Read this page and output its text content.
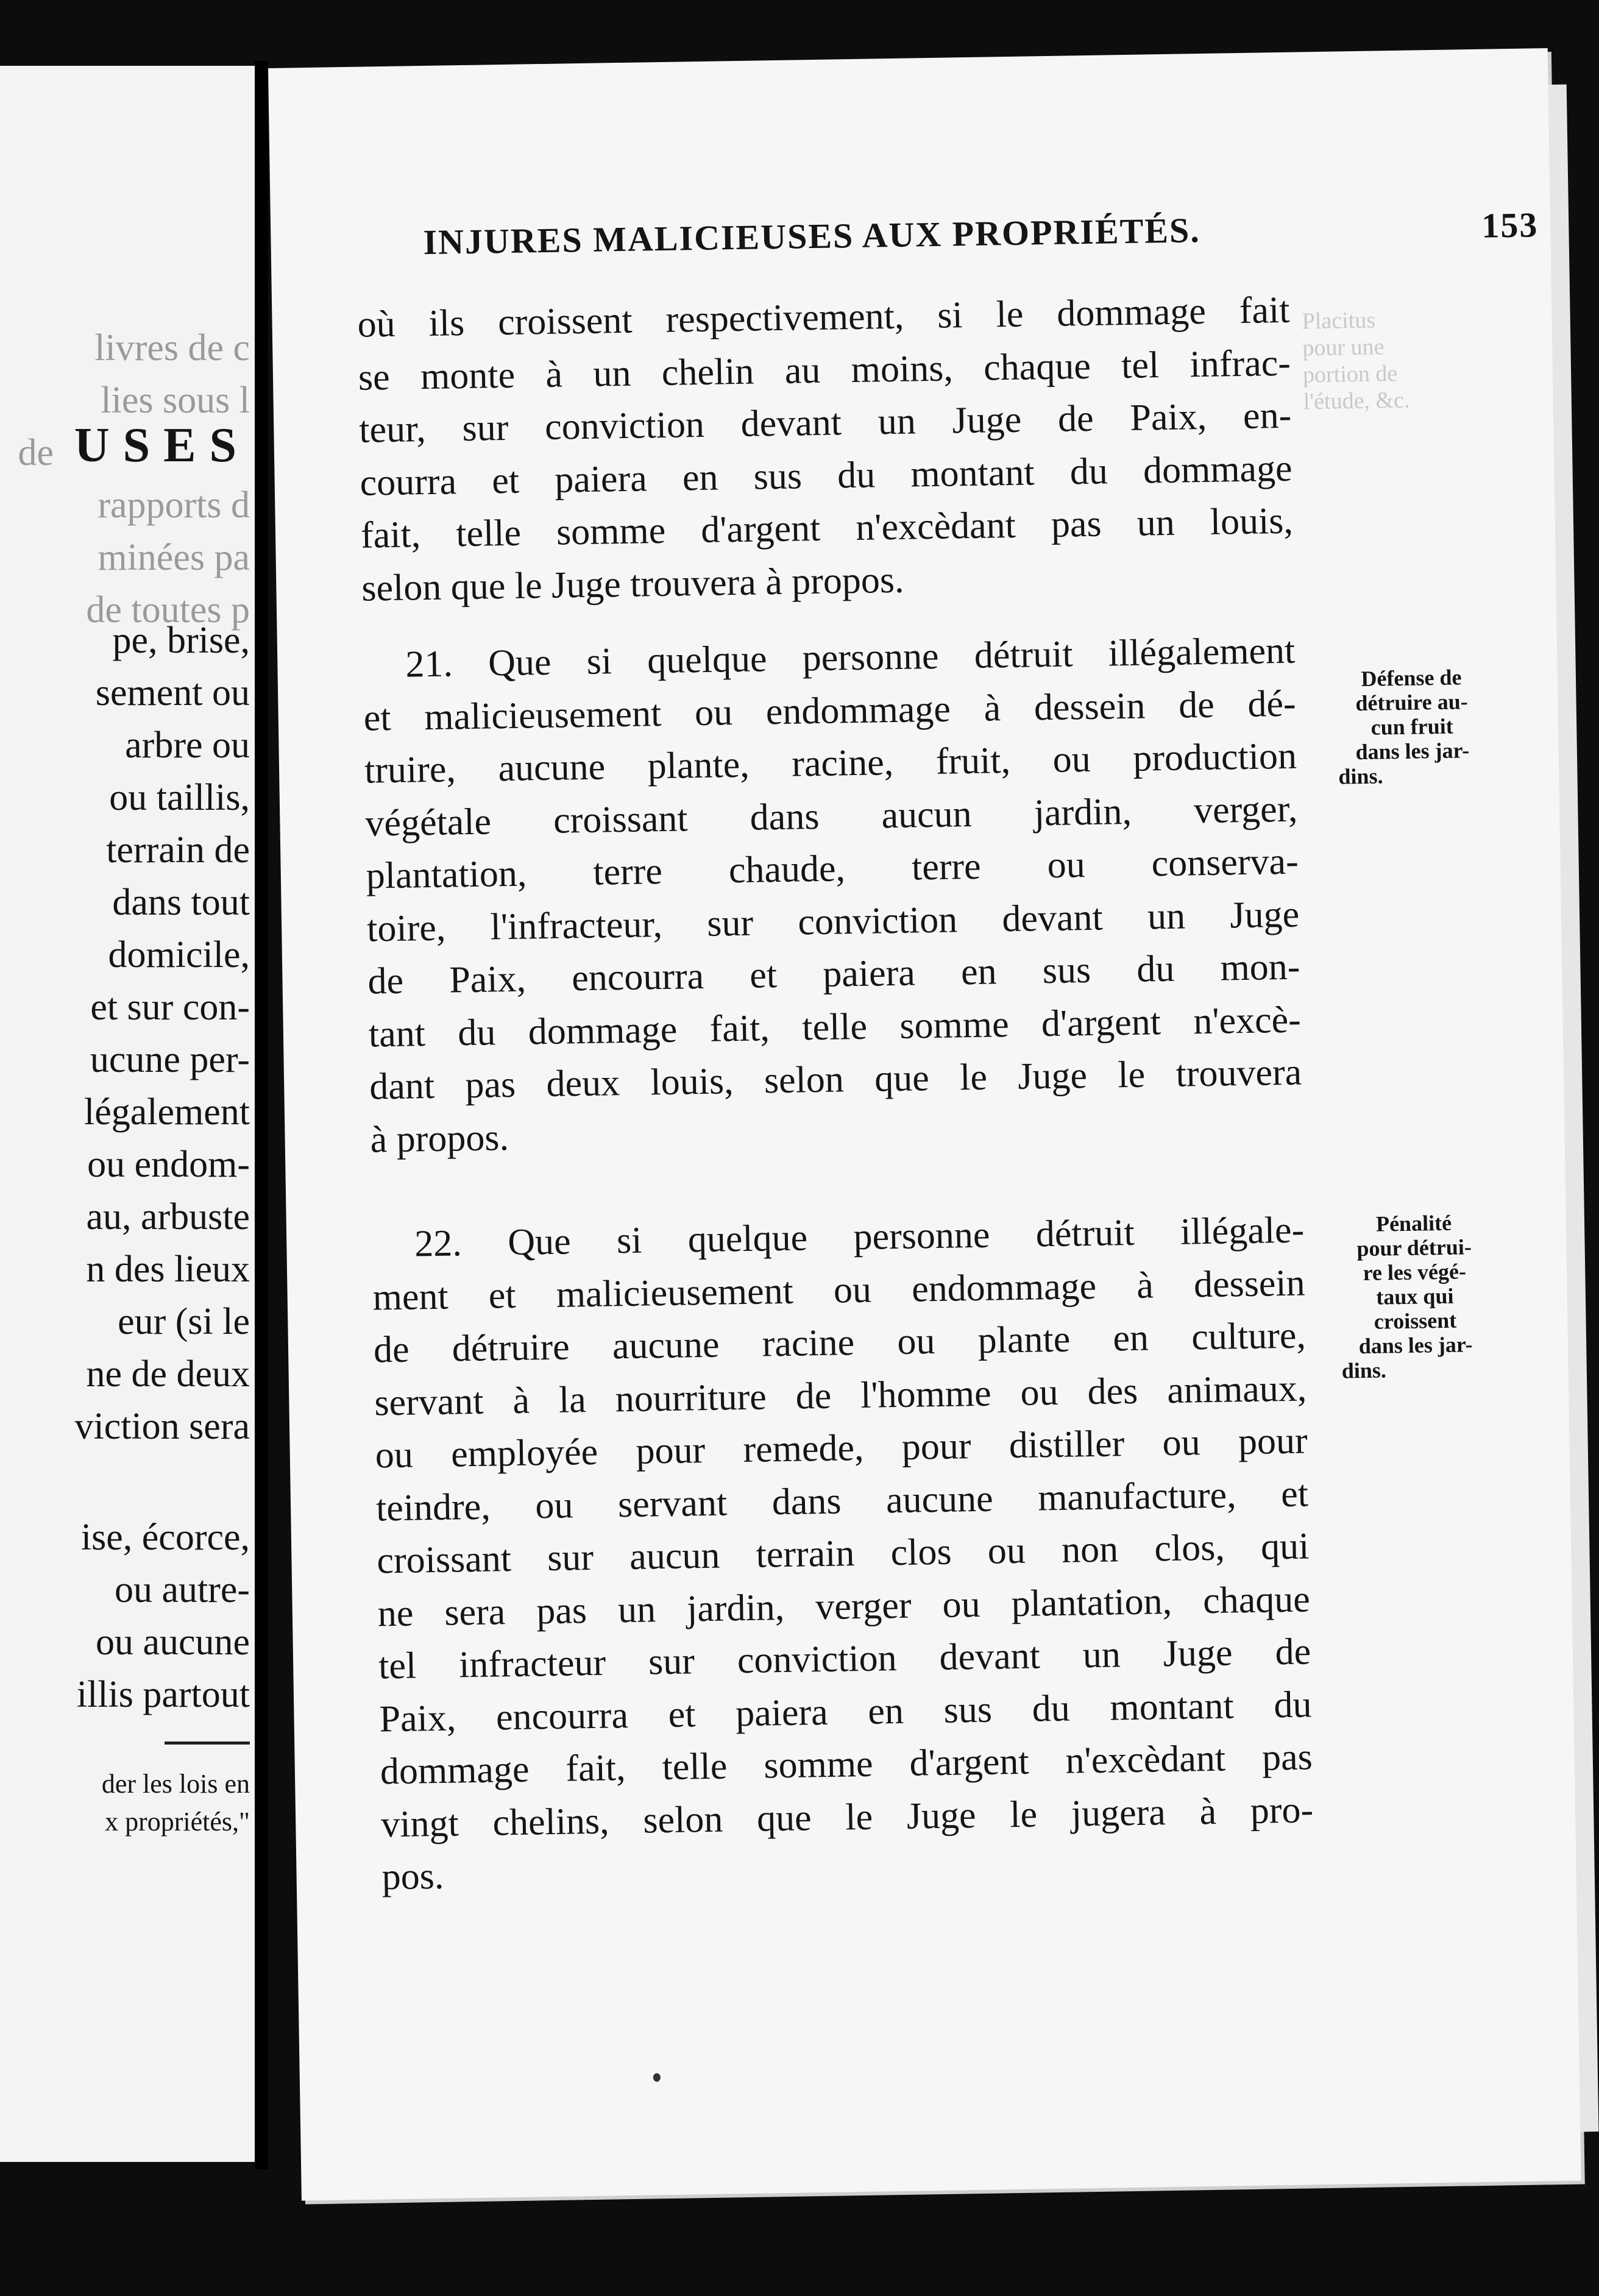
livres de c
lies sous l
USES
de
rapports d
minées pa
de toutes p
pe, brise,
sement ou
arbre ou
ou taillis,
terrain de
dans tout
domicile,
et sur con-
ucune per-
légalement
ou endom-
au, arbuste
n des lieux
eur (si le
ne de deux
viction sera
ise, écorce,
ou autre-
ou aucune
illis partout
der les lois en
x propriétés,"
Placitus
pour une
portion de
l'étude, &c.
INJURES MALICIEUSES AUX PROPRIÉTÉS.	153
où ils croissent respectivement, si le dommage fait
se monte à un chelin au moins, chaque tel infrac-
teur, sur conviction devant un Juge de Paix, en-
courra et paiera en sus du montant du dommage
fait, telle somme d'argent n'excèdant pas un louis,
selon que le Juge trouvera à propos.
21. Que si quelque personne détruit illégalement
et malicieusement ou endommage à dessein de dé-
truire, aucune plante, racine, fruit, ou production
végétale croissant dans aucun jardin, verger,
plantation, terre chaude, terre ou conserva-
toire, l'infracteur, sur conviction devant un Juge
de Paix, encourra et paiera en sus du mon-
tant du dommage fait, telle somme d'argent n'excè-
dant pas deux louis, selon que le Juge le trouvera
à propos.
22. Que si quelque personne détruit illégale-
ment et malicieusement ou endommage à dessein
de détruire aucune racine ou plante en culture,
servant à la nourriture de l'homme ou des animaux,
ou employée pour remede, pour distiller ou pour
teindre, ou servant dans aucune manufacture, et
croissant sur aucun terrain clos ou non clos, qui
ne sera pas un jardin, verger ou plantation, chaque
tel infracteur sur conviction devant un Juge de
Paix, encourra et paiera en sus du montant du
dommage fait, telle somme d'argent n'excèdant pas
vingt chelins, selon que le Juge le jugera à pro-
pos.
Défense de
détruire au-
cun fruit
dans les jar-
dins.
Pénalité
pour détrui-
re les végé-
taux qui
croissent
dans les jar-
dins.
